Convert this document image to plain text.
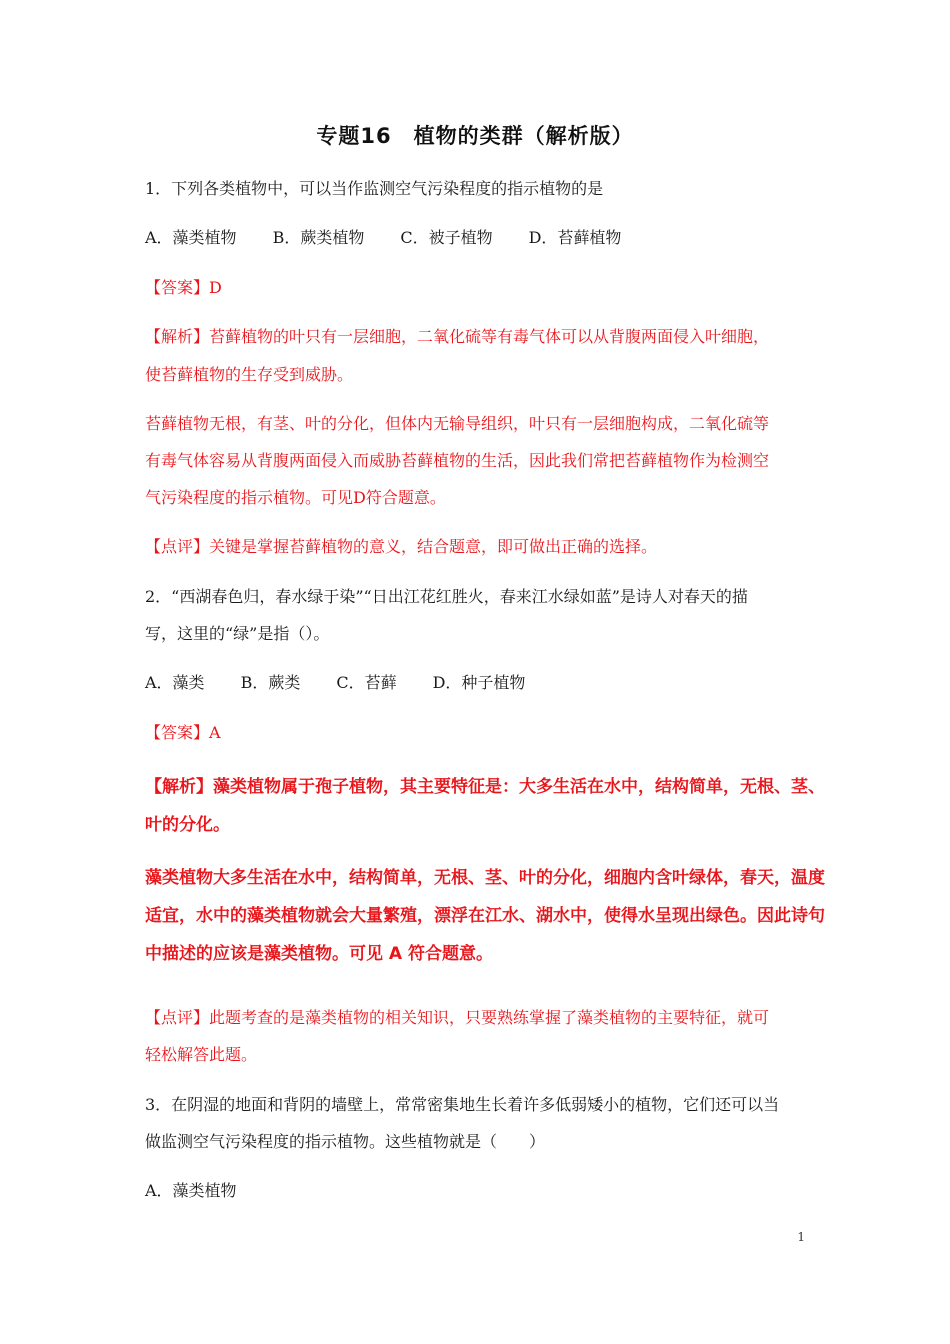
专题16　植物的类群（解析版）
1．下列各类植物中，可以当作监测空气污染程度的指示植物的是
A．藻类植物 B．蕨类植物 C．被子植物 D．苔藓植物
【答案】D
【解析】苔藓植物的叶只有一层细胞，二氧化硫等有毒气体可以从背腹两面侵入叶细胞，
使苔藓植物的生存受到威胁。
苔藓植物无根，有茎、叶的分化，但体内无输导组织，叶只有一层细胞构成，二氧化硫等
有毒气体容易从背腹两面侵入而威胁苔藓植物的生活，因此我们常把苔藓植物作为检测空
气污染程度的指示植物。可见D符合题意。
【点评】关键是掌握苔藓植物的意义，结合题意，即可做出正确的选择。
2．“西湖春色归，春水绿于染”“日出江花红胜火，春来江水绿如蓝”是诗人对春天的描
写，这里的“绿”是指（）。
A．藻类 B．蕨类 C．苔藓 D．种子植物
【答案】A
【解析】藻类植物属于孢子植物，其主要特征是：大多生活在水中，结构简单，无根、茎、
叶的分化。
藻类植物大多生活在水中，结构简单，无根、茎、叶的分化，细胞内含叶绿体，春天，温度
适宜，水中的藻类植物就会大量繁殖，漂浮在江水、湖水中，使得水呈现出绿色。因此诗句
中描述的应该是藻类植物。可见 A 符合题意。
【点评】此题考查的是藻类植物的相关知识，只要熟练掌握了藻类植物的主要特征，就可
轻松解答此题。
3．在阴湿的地面和背阴的墙壁上，常常密集地生长着许多低弱矮小的植物，它们还可以当
做监测空气污染程度的指示植物。这些植物就是（　　）
A．藻类植物
1
